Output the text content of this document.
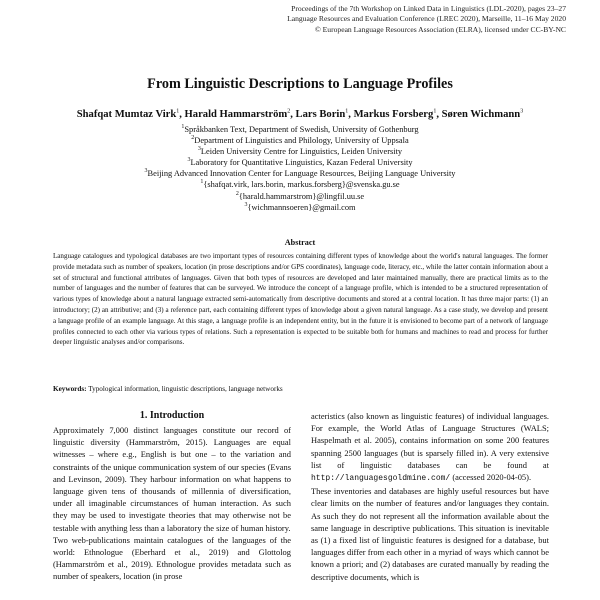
Proceedings of the 7th Workshop on Linked Data in Linguistics (LDL-2020), pages 23–27
Language Resources and Evaluation Conference (LREC 2020), Marseille, 11–16 May 2020
© European Language Resources Association (ELRA), licensed under CC-BY-NC
From Linguistic Descriptions to Language Profiles
Shafqat Mumtaz Virk$^1$, Harald Hammarström$^2$, Lars Borin$^1$, Markus Forsberg$^1$, Søren Wichmann$^3$
$^1$Språkbanken Text, Department of Swedish, University of Gothenburg
$^2$Department of Linguistics and Philology, University of Uppsala
$^3$Leiden University Centre for Linguistics, Leiden University
$^3$Laboratory for Quantitative Linguistics, Kazan Federal University
$^3$Beijing Advanced Innovation Center for Language Resources, Beijing Language University
$^1${shafqat.virk, lars.borin, markus.forsberg}@svenska.gu.se
$^2${harald.hammarstrom}@lingfil.uu.se
$^3${wichmannsoeren}@gmail.com
Abstract
Language catalogues and typological databases are two important types of resources containing different types of knowledge about the world's natural languages. The former provide metadata such as number of speakers, location (in prose descriptions and/or GPS coordinates), language code, literacy, etc., while the latter contain information about a set of structural and functional attributes of languages. Given that both types of resources are developed and later maintained manually, there are practical limits as to the number of languages and the number of features that can be surveyed. We introduce the concept of a language profile, which is intended to be a structured representation of various types of knowledge about a natural language extracted semi-automatically from descriptive documents and stored at a central location. It has three major parts: (1) an introductory; (2) an attributive; and (3) a reference part, each containing different types of knowledge about a given natural language. As a case study, we develop and present a language profile of an example language. At this stage, a language profile is an independent entity, but in the future it is envisioned to become part of a network of language profiles connected to each other via various types of relations. Such a representation is expected to be suitable both for humans and machines to read and process for further deeper linguistic analyses and/or comparisons.
Keywords: Typological information, linguistic descriptions, language networks
1. Introduction

Approximately 7,000 distinct languages constitute our record of linguistic diversity (Hammarström, 2015). Languages are equal witnesses – where e.g., English is but one – to the variation and constraints of the unique communication system of our species (Evans and Levinson, 2009). They harbour information on what happens to language given tens of thousands of millennia of diversification, under all imaginable circumstances of human interaction. As such they may be used to investigate theories that may otherwise not be testable with anything less than a laboratory the size of human history.

Two web-publications maintain catalogues of the languages of the world: Ethnologue (Eberhard et al., 2019) and Glottolog (Hammarström et al., 2019). Ethnologue provides metadata such as number of speakers, location (in prose

acteristics (also known as linguistic features) of individual languages. For example, the World Atlas of Language Structures (WALS; Haspelmath et al. 2005), contains information on some 200 features spanning 2500 languages (but is sparsely filled in). A very extensive list of linguistic databases can be found at http://languagesgoldmine.com/ (accessed 2020-04-05).

These inventories and databases are highly useful resources but have clear limits on the number of features and/or languages they contain. As such they do not represent all the information available about the same language in descriptive publications. This situation is inevitable as (1) a fixed list of linguistic features is designed for a database, but languages differ from each other in a myriad of ways which cannot be known a priori; and (2) databases are curated manually by reading the descriptive documents, which is
